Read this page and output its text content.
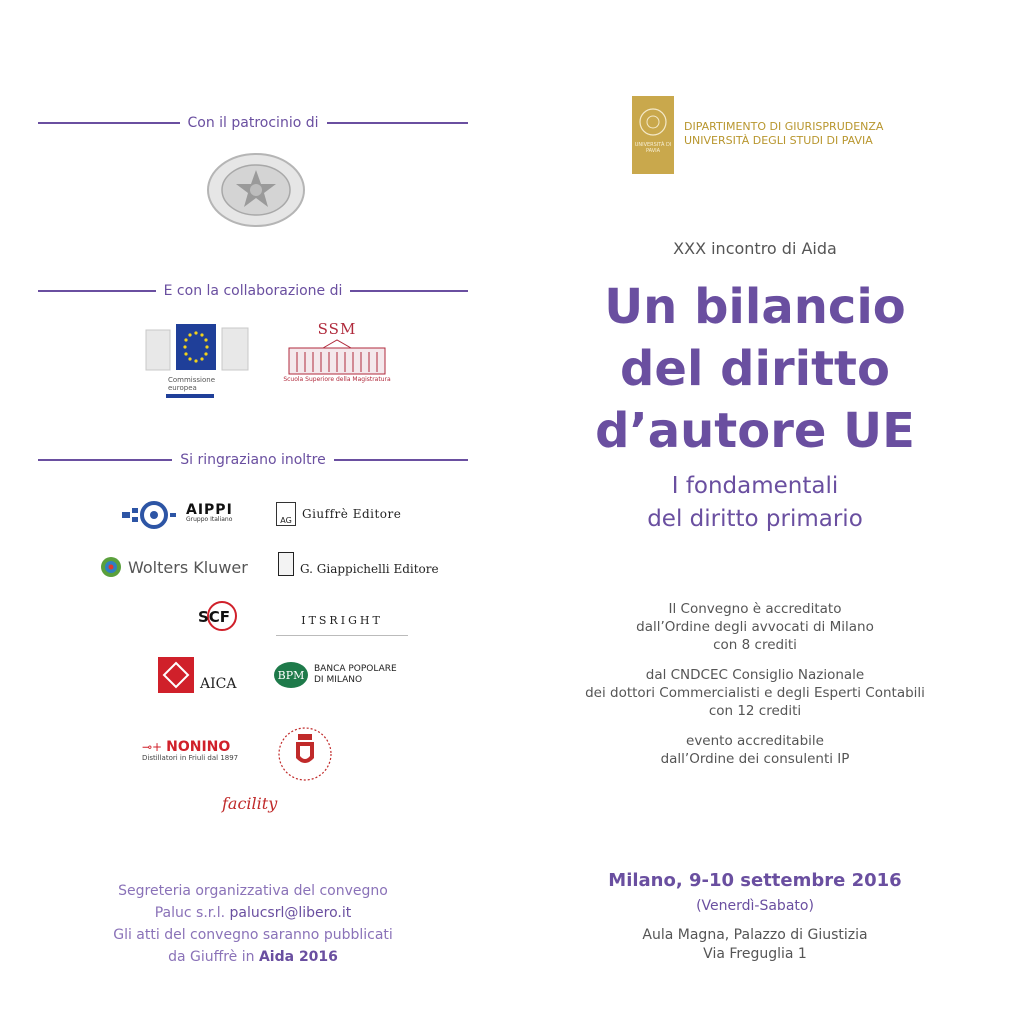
Con il patrocinio di
E con la collaborazione di
Commissione
europea
SSM
Scuola Superiore della Magistratura
Si ringraziano inoltre
AIPPI
Gruppo Italiano	AG Giuffrè Editore
Wolters Kluwer	G. Giappichelli Editore
SCF	ITSRIGHT
AICA
BPM	BANCA POPOLARE DI MILANO
⊸+ NONINO
Distillatori in Friuli dal 1897
facility
Segreteria organizzativa del convegno
Paluc s.r.l. palucsrl@libero.it
Gli atti del convegno saranno pubblicati
da Giuffrè in Aida 2016
UNIVERSITÀ DI PAVIA
DIPARTIMENTO DI GIURISPRUDENZA
UNIVERSITÀ DEGLI STUDI DI PAVIA
XXX incontro di Aida
Un bilancio
del diritto
d’autore UE
I fondamentali
del diritto primario
Il Convegno è accreditato
dall’Ordine degli avvocati di Milano
con 8 crediti
dal CNDCEC Consiglio Nazionale
dei dottori Commercialisti e degli Esperti Contabili
con 12 crediti
evento accreditabile
dall’Ordine dei consulenti IP
Milano, 9-10 settembre 2016
(Venerdì-Sabato)
Aula Magna, Palazzo di Giustizia
Via Freguglia 1
